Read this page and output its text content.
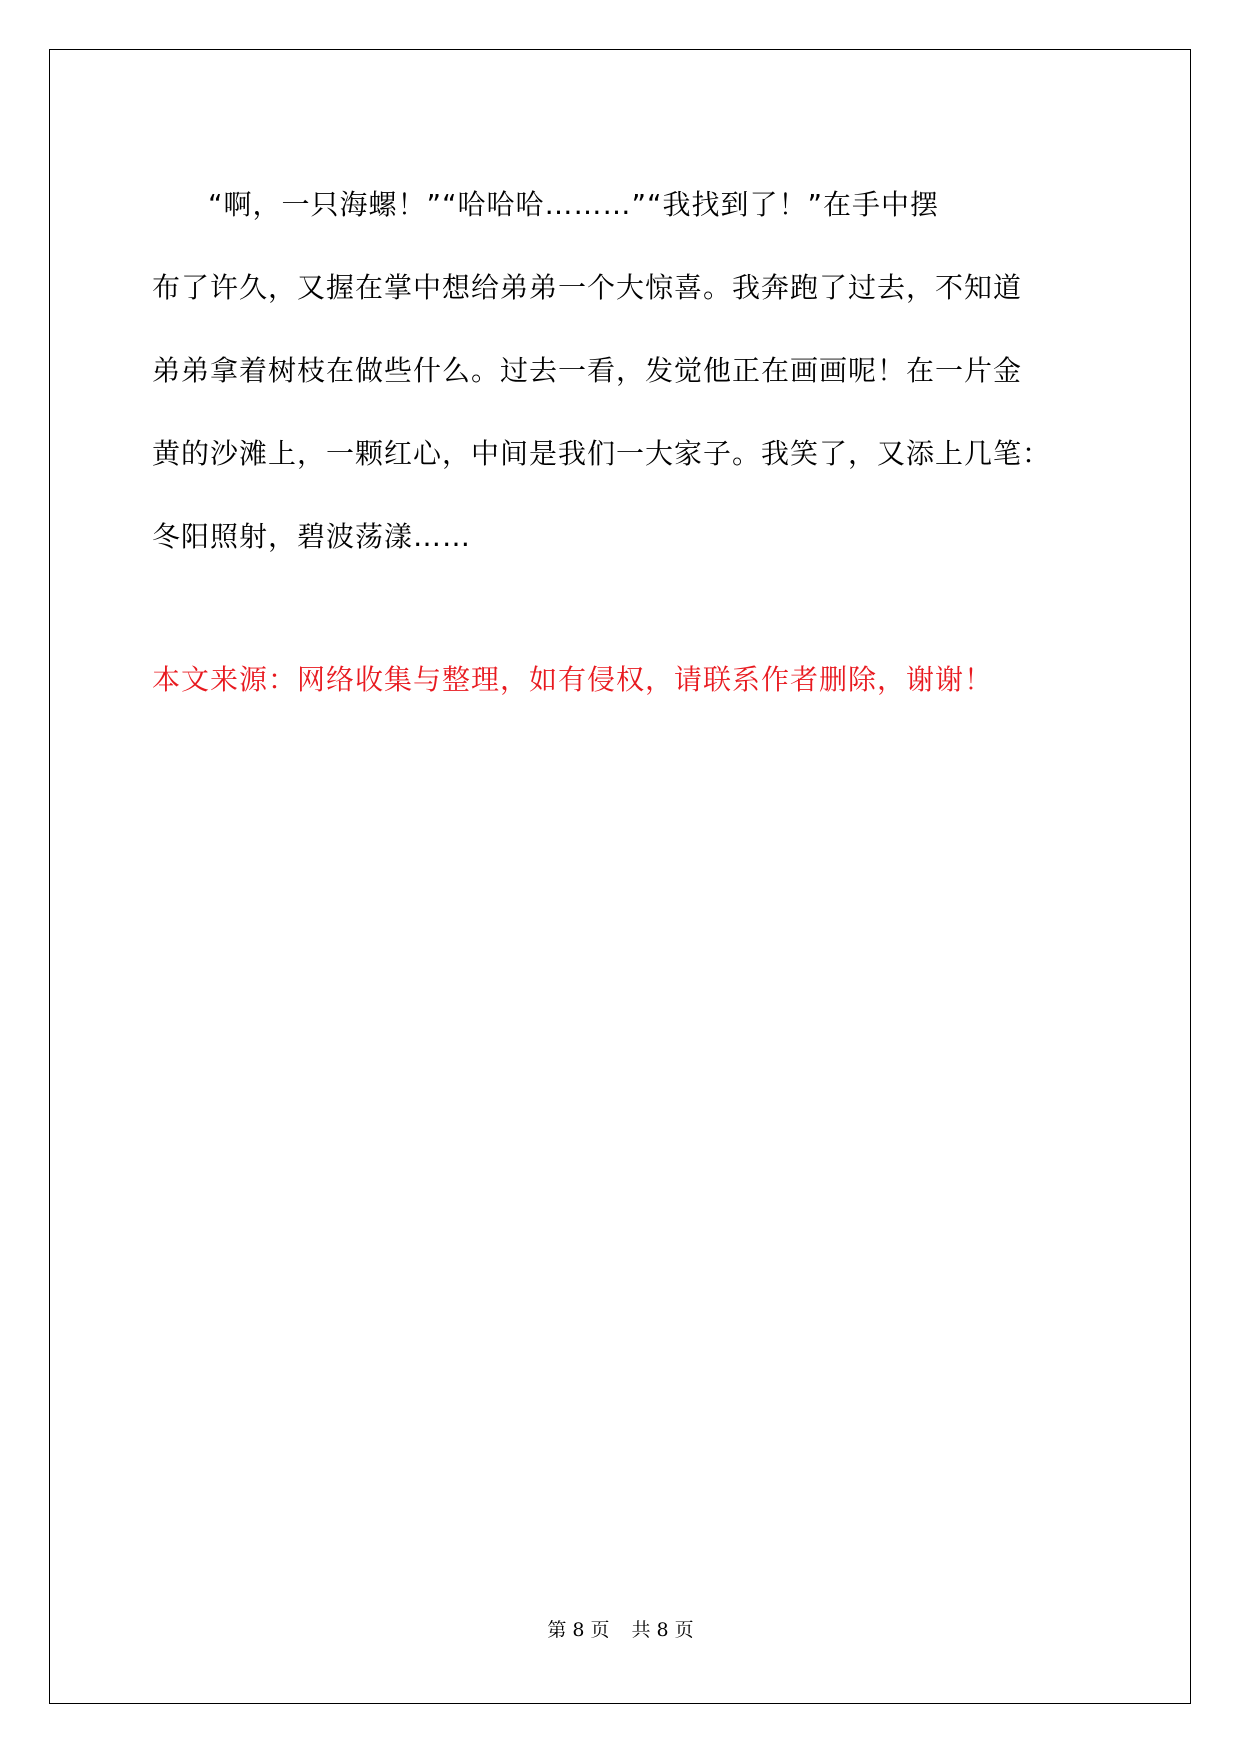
“啊，一只海螺！”“哈哈哈………”“我找到了！”在手中摆
布了许久，又握在掌中想给弟弟一个大惊喜。我奔跑了过去，不知道
弟弟拿着树枝在做些什么。过去一看，发觉他正在画画呢！在一片金
黄的沙滩上，一颗红心，中间是我们一大家子。我笑了，又添上几笔：
冬阳照射，碧波荡漾……
本文来源：网络收集与整理，如有侵权，请联系作者删除，谢谢！
第 8 页 共 8 页
